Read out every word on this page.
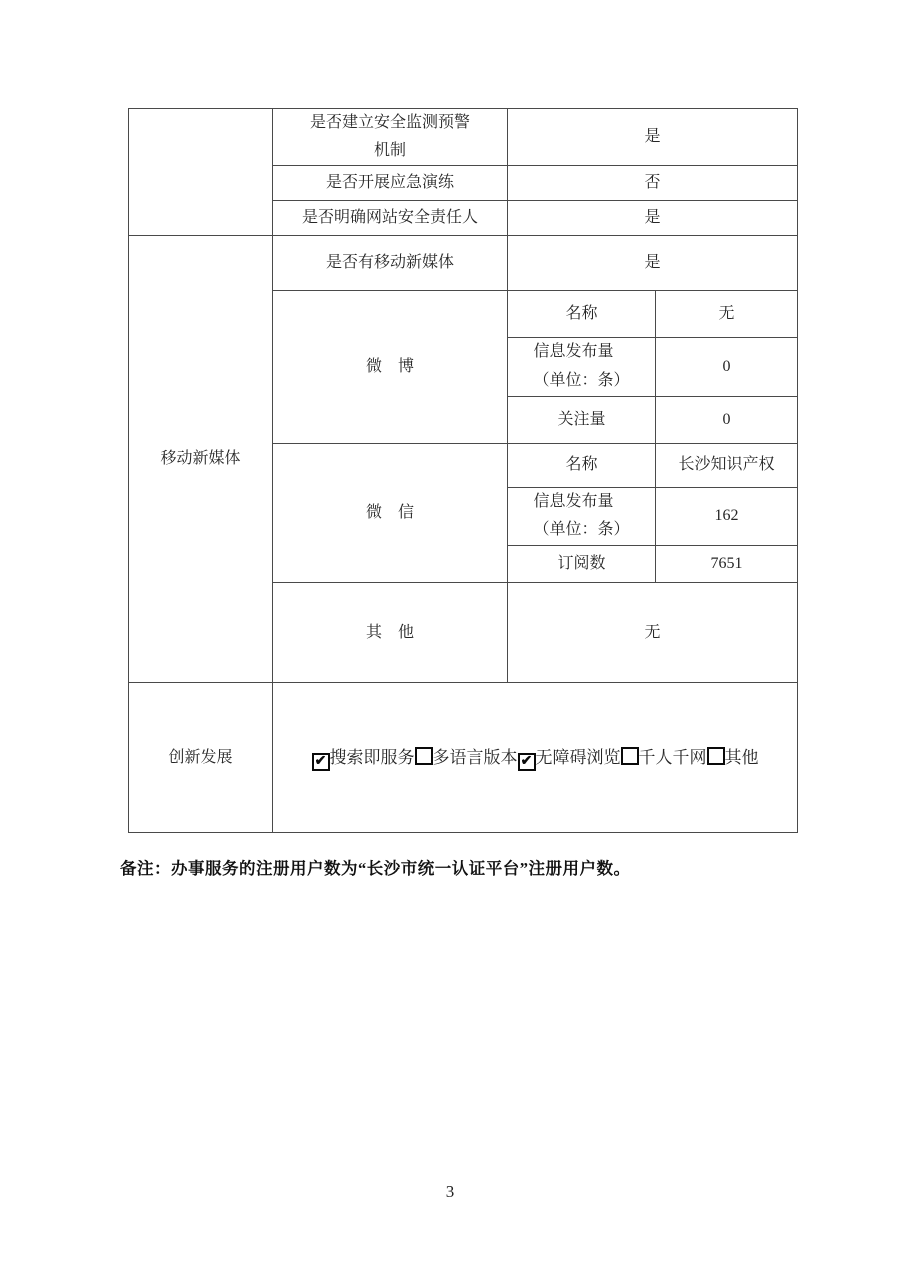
	是否建立安全监测预警机制	是	
	是否开展应急演练	否	
	是否明确网站安全责任人	是	
移动新媒体	是否有移动新媒体	是	
	微　博	名称	无
		信息发布量
（单位：条）	0
		关注量	0
	微　信	名称	长沙知识产权
		信息发布量
（单位：条）	162
		订阅数	7651
	其　他	无	
创新发展	✔ 搜索即服务 多语言版本 ✔ 无障碍浏览 千人千网 其他		
备注：办事服务的注册用户数为“长沙市统一认证平台”注册用户数。
3
